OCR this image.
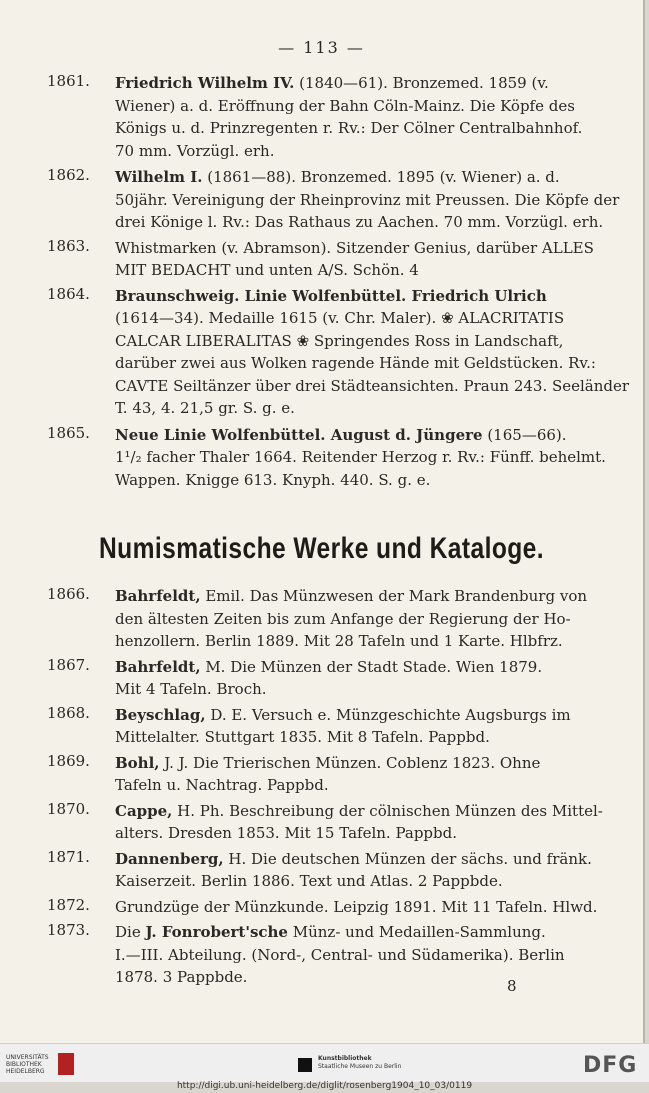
— 113 —
1861. Friedrich Wilhelm IV. (1840—61). Bronzemed. 1859 (v.
Wiener) a. d. Eröffnung der Bahn Cöln-Mainz. Die Köpfe des
Königs u. d. Prinzregenten r. Rv.: Der Cölner Centralbahnhof.
70 mm. Vorzügl. erh.
1862. Wilhelm I. (1861—88). Bronzemed. 1895 (v. Wiener) a. d.
50jähr. Vereinigung der Rheinprovinz mit Preussen. Die Köpfe der
drei Könige l. Rv.: Das Rathaus zu Aachen. 70 mm. Vorzügl. erh.
1863. Whistmarken (v. Abramson). Sitzender Genius, darüber ALLES
MIT BEDACHT und unten A/S. Schön. 4
1864. Braunschweig. Linie Wolfenbüttel. Friedrich Ulrich
(1614—34). Medaille 1615 (v. Chr. Maler). ❀ ALACRITATIS
CALCAR LIBERALITAS ❀ Springendes Ross in Landschaft,
darüber zwei aus Wolken ragende Hände mit Geldstücken. Rv.:
CAVTE Seiltänzer über drei Städteansichten. Praun 243. Seeländer
T. 43, 4. 21,5 gr. S. g. e.
1865. Neue Linie Wolfenbüttel. August d. Jüngere (165—66).
1¹/₂ facher Thaler 1664. Reitender Herzog r. Rv.: Fünff. behelmt.
Wappen. Knigge 613. Knyph. 440. S. g. e.
Numismatische Werke und Kataloge.
1866. Bahrfeldt, Emil. Das Münzwesen der Mark Brandenburg von
den ältesten Zeiten bis zum Anfange der Regierung der Ho-
henzollern. Berlin 1889. Mit 28 Tafeln und 1 Karte. Hlbfrz.
1867. Bahrfeldt, M. Die Münzen der Stadt Stade. Wien 1879.
Mit 4 Tafeln. Broch.
1868. Beyschlag, D. E. Versuch e. Münzgeschichte Augsburgs im
Mittelalter. Stuttgart 1835. Mit 8 Tafeln. Pappbd.
1869. Bohl, J. J. Die Trierischen Münzen. Coblenz 1823. Ohne
Tafeln u. Nachtrag. Pappbd.
1870. Cappe, H. Ph. Beschreibung der cölnischen Münzen des Mittel-
alters. Dresden 1853. Mit 15 Tafeln. Pappbd.
1871. Dannenberg, H. Die deutschen Münzen der sächs. und fränk.
Kaiserzeit. Berlin 1886. Text und Atlas. 2 Pappbde.
1872. Grundzüge der Münzkunde. Leipzig 1891. Mit 11 Tafeln. Hlwd.
1873. Die J. Fonrobert'sche Münz- und Medaillen-Sammlung.
I.—III. Abteilung. (Nord-, Central- und Südamerika). Berlin
1878. 3 Pappbde.	8
UNIVERSITÄTS
BIBLIOTHEK
HEIDELBERG
Kunstbibliothek
Staatliche Museen zu Berlin	DFG
http://digi.ub.uni-heidelberg.de/diglit/rosenberg1904_10_03/0119
